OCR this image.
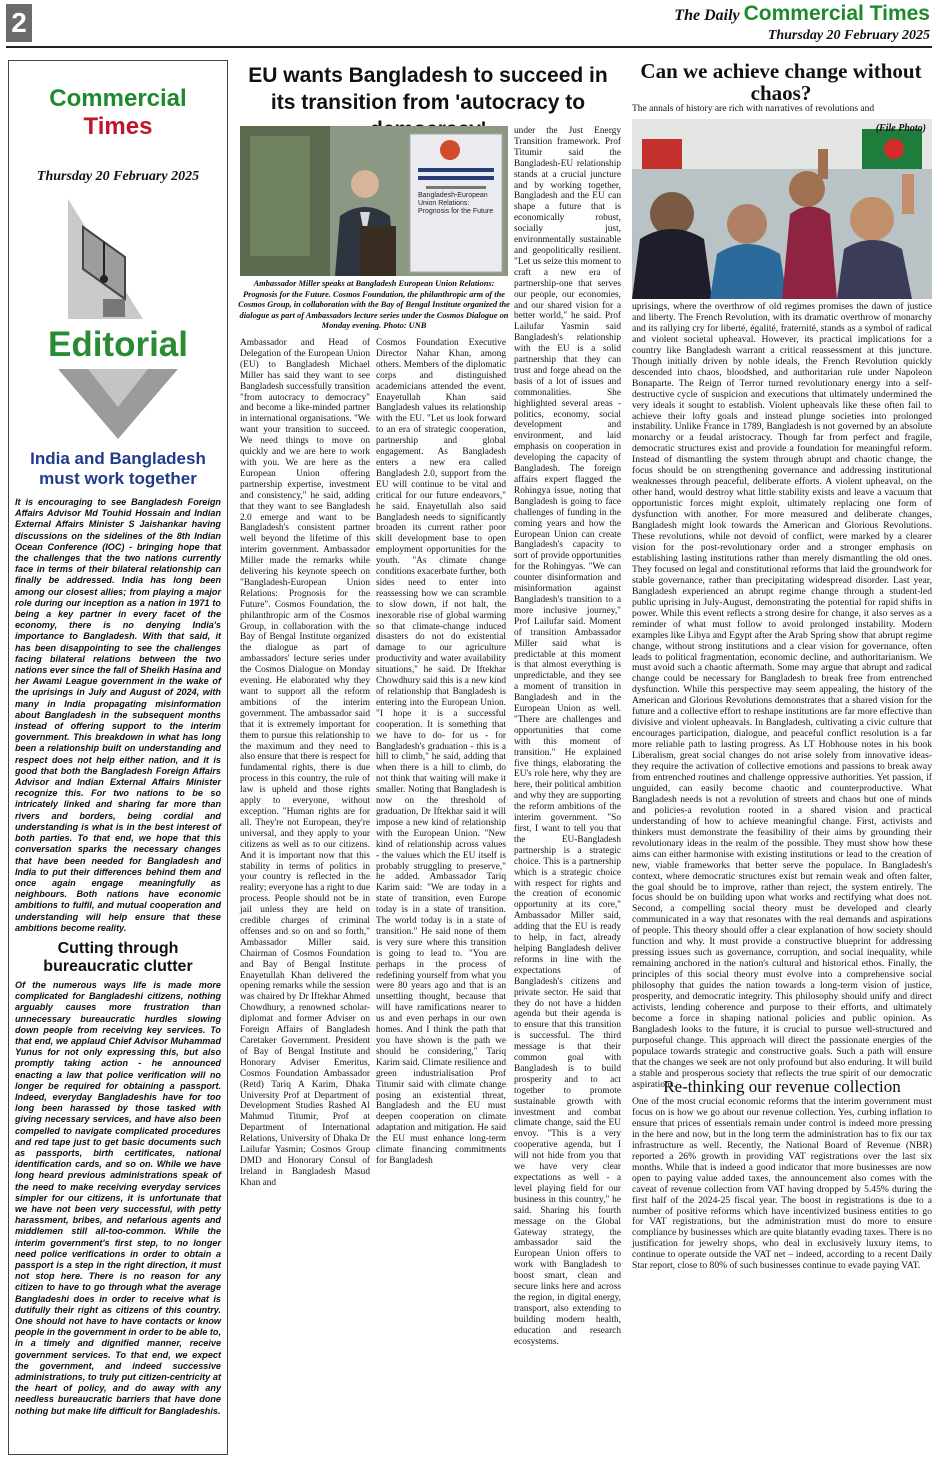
2	The Daily Commercial Times
Thursday 20 February 2025
Commercial Times
Thursday 20 February 2025
Editorial
India and Bangladesh must work together
It is encouraging to see Bangladesh Foreign Affairs Advisor Md Touhid Hossain and Indian External Affairs Minister S Jaishankar having discussions on the sidelines of the 8th Indian Ocean Conference (IOC) - bringing hope that the challenges that the two nations currently face in terms of their bilateral relationship can finally be addressed. India has long been among our closest allies; from playing a major role during our inception as a nation in 1971 to being a key partner in every facet of the economy, there is no denying India's importance to Bangladesh. With that said, it has been disappointing to see the challenges facing bilateral relations between the two nations ever since the fall of Sheikh Hasina and her Awami League government in the wake of the uprisings in July and August of 2024, with many in India propagating misinformation about Bangladesh in the subsequent months instead of offering support to the interim government. This breakdown in what has long been a relationship built on understanding and respect does not help either nation, and it is good that both the Bangladesh Foreign Affairs Advisor and Indian External Affairs Minister recognize this. For two nations to be so intricately linked and sharing far more than rivers and borders, being cordial and understanding is what is in the best interest of both parties. To that end, we hope that this conversation sparks the necessary changes that have been needed for Bangladesh and India to put their differences behind them and once again engage meaningfully as neighbours. Both nations have economic ambitions to fulfil, and mutual cooperation and understanding will help ensure that these ambitions become reality.
Cutting through bureaucratic clutter
Of the numerous ways life is made more complicated for Bangladeshi citizens, nothing arguably causes more frustration than unnecessary bureaucratic hurdles slowing down people from receiving key services. To that end, we applaud Chief Advisor Muhammad Yunus for not only expressing this, but also promptly taking action - he announced enacting a law that police verification will no longer be required for obtaining a passport. Indeed, everyday Bangladeshis have for too long been harassed by those tasked with giving necessary services, and have also been compelled to navigate complicated procedures and red tape just to get basic documents such as passports, birth certificates, national identification cards, and so on. While we have long heard previous administrations speak of the need to make receiving everyday services simpler for our citizens, it is unfortunate that we have not been very successful, with petty harassment, bribes, and nefarious agents and middlemen still all-too-common. While the interim government's first step, to no longer need police verifications in order to obtain a passport is a step in the right direction, it must not stop here. There is no reason for any citizen to have to go through what the average Bangladeshi does in order to receive what is dutifully their right as citizens of this country. One should not have to have contacts or know people in the government in order to be able to, in a timely and dignified manner, receive government services. To that end, we expect the government, and indeed successive administrations, to truly put citizen-centricity at the heart of policy, and do away with any needless bureaucratic barriers that have done nothing but make life difficult for Bangladeshis.
EU wants Bangladesh to succeed in its transition from 'autocracy to
Bangladesh-European Union Relations: Prognosis for the Future
Ambassador Miller speaks at Bangladesh European Union Relations: Prognosis for the Future. Cosmos Foundation, the philanthropic arm of the Cosmos Group, in collaboration with the Bay of Bengal Institute organized the dialogue as part of Ambassadors lecture series under the Cosmos Dialogue on Monday evening. Photo: UNB
Ambassador and Head of Delegation of the European Union (EU) to Bangladesh Michael Miller has said they want to see Bangladesh successfully transition "from autocracy to democracy" and become a like-minded partner in international organisations. "We want your transition to succeed. We need things to move on quickly and we are here to work with you. We are here as the European Union offering partnership expertise, investment and consistency," he said, adding that they want to see Bangladesh 2.0 emerge and want to be Bangladesh's consistent partner well beyond the lifetime of this interim government. Ambassador Miller made the remarks while delivering his keynote speech on "Bangladesh-European Union Relations: Prognosis for the Future". Cosmos Foundation, the philanthropic arm of the Cosmos Group, in collaboration with the Bay of Bengal Institute organized the dialogue as part of ambassadors' lecture series under the Cosmos Dialogue on Monday evening. He elaborated why they want to support all the reform ambitions of the interim government. The ambassador said that it is extremely important for them to pursue this relationship to the maximum and they need to also ensure that there is respect for fundamental rights, there is due process in this country, the rule of law is upheld and those rights apply to everyone, without exception. "Human rights are for all. They're not European, they're universal, and they apply to your citizens as well as to our citizens. And it is important now that this stability in terms of politics in your country is reflected in the reality; everyone has a right to due process. People should not be in jail unless they are held on credible charges of criminal offenses and so on and so forth," Ambassador Miller said. Chairman of Cosmos Foundation and Bay of Bengal Institute Enayetullah Khan delivered the opening remarks while the session was chaired by Dr Iftekhar Ahmed Chowdhury, a renowned scholar-diplomat and former Adviser on Foreign Affairs of Bangladesh Caretaker Government. President of Bay of Bengal Institute and Honorary Adviser Emeritus, Cosmos Foundation Ambassador (Retd) Tariq A Karim, Dhaka University Prof at Department of Development Studies Rashed Al Mahmud Titumir, Prof at Department of International Relations, University of Dhaka Dr Lailufar Yasmin; Cosmos Group DMD and Honorary Consul of Ireland in Bangladesh Masud Khan and
Cosmos Foundation Executive Director Nahar Khan, among others. Members of the diplomatic corps and distinguished academicians attended the event. Enayetullah Khan said Bangladesh values its relationship with the EU. "Let us look forward to an era of strategic cooperation, partnership and global engagement. As Bangladesh enters a new era called Bangladesh 2.0, support from the EU will continue to be vital and critical for our future endeavors," he said. Enayetullah also said Bangladesh needs to significantly broaden its current rather poor skill development base to open employment opportunities for the youth. "As climate change conditions exacerbate further, both sides need to enter into reassessing how we can scramble to slow down, if not halt, the inexorable rise of global warming so that climate-change induced disasters do not do existential damage to our agriculture productivity and water availability situations," he said. Dr Iftekhar Chowdhury said this is a new kind of relationship that Bangladesh is entering into the European Union. "I hope it is a successful cooperation. It is something that we have to do- for us - for Bangladesh's graduation - this is a hill to climb," he said, adding that when there is a hill to climb, do not think that waiting will make it smaller. Noting that Bangladesh is now on the threshold of graduation, Dr Iftekhar said it will impose a new kind of relationship with the European Union. "New kind of relationship across values - the values which the EU itself is probably struggling to preserve," he added. Ambassador Tariq Karim said: "We are today in a state of transition, even Europe today is in a state of transition. The world today is in a state of transition." He said none of them is very sure where this transition is going to lead to. "You are perhaps in the process of redefining yourself from what you were 80 years ago and that is an unsettling thought, because that will have ramifications nearer to us and even perhaps in our own homes. And I think the path that you have shown is the path we should be considering," Tariq Karim said. Climate resilience and green industrialisation Prof Titumir said with climate change posing an existential threat, Bangladesh and the EU must deepen cooperation on climate adaptation and mitigation. He said the EU must enhance long-term climate financing commitments for Bangladesh
under the Just Energy Transition framework. Prof Titumir said the Bangladesh-EU relationship stands at a crucial juncture and by working together, Bangladesh and the EU can shape a future that is economically robust, socially just, environmentally sustainable and geopolitically resilient. "Let us seize this moment to craft a new era of partnership-one that serves our people, our economies, and our shared vision for a better world," he said. Prof Lailufar Yasmin said Bangladesh's relationship with the EU is a solid partnership that they can trust and forge ahead on the basis of a lot of issues and commonalities. She highlighted several areas - politics, economy, social development and environment, and laid emphasis on cooperation in developing the capacity of Bangladesh. The foreign affairs expert flagged the Rohingya issue, noting that Bangladesh is going to face challenges of funding in the coming years and how the European Union can create Bangladesh's capacity to sort of provide opportunities for the Rohingyas. "We can counter disinformation and misinformation against Bangladesh's transition to a more inclusive journey," Prof Lailufar said. Moment of transition Ambassador Miller said what is predictable at this moment is that almost everything is unpredictable, and they see a moment of transition in Bangladesh and in the European Union as well. "There are challenges and opportunities that come with this moment of transition." He explained five things, elaborating the EU's role here, why they are here, their political ambition and why they are supporting the reform ambitions of the interim government. "So first, I want to tell you that the EU-Bangladesh partnership is a strategic choice. This is a partnership which is a strategic choice with respect for rights and the creation of economic opportunity at its core," Ambassador Miller said, adding that the EU is ready to help, in fact, already helping Bangladesh deliver reforms in line with the expectations of Bangladesh's citizens and private sector. He said that they do not have a hidden agenda but their agenda is to ensure that this transition is successful. The third message is that their common goal with Bangladesh is to build prosperity and to act together to promote sustainable growth with investment and combat climate change, said the EU envoy. "This is a very cooperative agenda, but I will not hide from you that we have very clear expectations as well - a level playing field for our business in this country," he said. Sharing his fourth message on the Global Gateway strategy, the ambassador said the European Union offers to work with Bangladesh to boost smart, clean and secure links here and across the region, in digital energy, transport, also extending to building modern health, education and research ecosystems.
Can we achieve change without chaos?
The annals of history are rich with narratives of revolutions and
(File Photo)
uprisings, where the overthrow of old regimes promises the dawn of justice and liberty. The French Revolution, with its dramatic overthrow of monarchy and its rallying cry for liberté, égalité, fraternité, stands as a symbol of radical and violent societal upheaval. However, its practical implications for a country like Bangladesh warrant a critical reassessment at this juncture. Though initially driven by noble ideals, the French Revolution quickly descended into chaos, bloodshed, and authoritarian rule under Napoleon Bonaparte. The Reign of Terror turned revolutionary energy into a self-destructive cycle of suspicion and executions that ultimately undermined the very ideals it sought to establish. Violent upheavals like these often fail to achieve their lofty goals and instead plunge societies into prolonged instability. Unlike France in 1789, Bangladesh is not governed by an absolute monarchy or a feudal aristocracy. Though far from perfect and fragile, democratic structures exist and provide a foundation for meaningful reform. Instead of dismantling the system through abrupt and chaotic change, the focus should be on strengthening governance and addressing institutional weaknesses through peaceful, deliberate efforts. A violent upheaval, on the other hand, would destroy what little stability exists and leave a vacuum that opportunistic forces might exploit, ultimately replacing one form of dysfunction with another. For more measured and deliberate changes, Bangladesh might look towards the American and Glorious Revolutions. These revolutions, while not devoid of conflict, were marked by a clearer vision for the post-revolutionary order and a stronger emphasis on establishing lasting institutions rather than merely dismantling the old ones. They focused on legal and constitutional reforms that laid the groundwork for stable governance, rather than precipitating widespread disorder. Last year, Bangladesh experienced an abrupt regime change through a student-led public uprising in July-August, demonstrating the potential for rapid shifts in power. While this event reflects a strong desire for change, it also serves as a reminder of what must follow to avoid prolonged instability. Modern examples like Libya and Egypt after the Arab Spring show that abrupt regime change, without strong institutions and a clear vision for governance, often leads to political fragmentation, economic decline, and authoritarianism. We must avoid such a chaotic aftermath. Some may argue that abrupt and radical change could be necessary for Bangladesh to break free from entrenched dysfunction. While this perspective may seem appealing, the history of the American and Glorious Revolutions demonstrates that a shared vision for the future and a collective effort to reshape institutions are far more effective than divisive and violent upheavals. In Bangladesh, cultivating a civic culture that encourages participation, dialogue, and peaceful conflict resolution is a far more reliable path to lasting progress. As LT Hobhouse notes in his book Liberalism, great social changes do not arise solely from innovative ideas-they require the activation of collective emotions and passions to break away from entrenched routines and challenge oppressive authorities. Yet passion, if unguided, can easily become chaotic and counterproductive. What Bangladesh needs is not a revolution of streets and chaos but one of minds and policies-a revolution rooted in a shared vision and practical understanding of how to achieve meaningful change. First, activists and thinkers must demonstrate the feasibility of their aims by grounding their revolutionary ideas in the realm of the possible. They must show how these aims can either harmonise with existing institutions or lead to the creation of new, viable frameworks that better serve the populace. In Bangladesh's context, where democratic structures exist but remain weak and often falter, the goal should be to improve, rather than reject, the system entirely. The focus should be on building upon what works and rectifying what does not. Second, a compelling social theory must be developed and clearly communicated in a way that resonates with the real demands and aspirations of people. This theory should offer a clear explanation of how society should function and why. It must provide a constructive blueprint for addressing pressing issues such as governance, corruption, and social inequality, while remaining anchored in the nation's cultural and historical ethos. Finally, the principles of this social theory must evolve into a comprehensive social philosophy that guides the nation towards a long-term vision of justice, prosperity, and democratic integrity. This philosophy should unify and direct activists, lending coherence and purpose to their efforts, and ultimately become a force in shaping national policies and public opinion. As Bangladesh looks to the future, it is crucial to pursue well-structured and purposeful change. This approach will direct the passionate energies of the populace towards strategic and constructive goals. Such a path will ensure that the changes we seek are not only profound but also enduring. It will build a stable and prosperous society that reflects the true spirit of our democratic aspirations.
Re-thinking our revenue collection
One of the most crucial economic reforms that the interim government must focus on is how we go about our revenue collection. Yes, curbing inflation to ensure that prices of essentials remain under control is indeed more pressing in the here and now, but in the long term the administration has to fix our tax infrastructure as well. Recently, the National Board of Revenue (NBR) reported a 26% growth in providing VAT registrations over the last six months. While that is indeed a good indicator that more businesses are now open to paying value added taxes, the announcement also comes with the caveat of revenue collection from VAT having dropped by 5.45% during the first half of the 2024-25 fiscal year. The boost in registrations is due to a number of positive reforms which have incentivized business entities to go for VAT registrations, but the administration must do more to ensure compliance by businesses which are quite blatantly evading taxes. There is no justification for jewelry shops, who deal in exclusively luxury items, to continue to operate outside the VAT net – indeed, according to a recent Daily Star report, close to 80% of such businesses continue to evade paying VAT.
